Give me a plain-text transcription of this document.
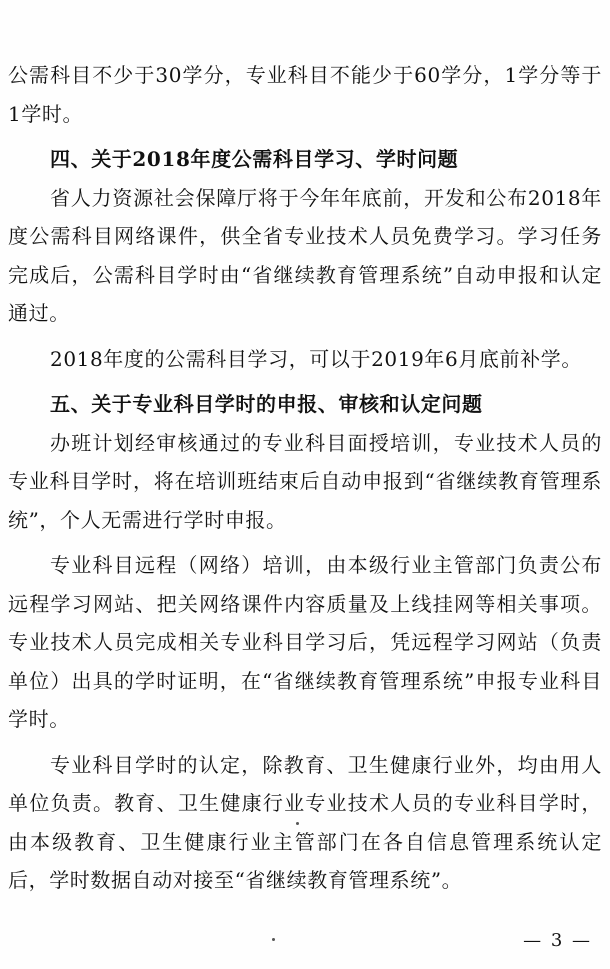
公需科目不少于30学分，专业科目不能少于60学分，1学分等于1学时。

四、关于2018年度公需科目学习、学时问题

省人力资源社会保障厅将于今年年底前，开发和公布2018年度公需科目网络课件，供全省专业技术人员免费学习。学习任务完成后，公需科目学时由“省继续教育管理系统”自动申报和认定通过。

2018年度的公需科目学习，可以于2019年6月底前补学。

五、关于专业科目学时的申报、审核和认定问题

办班计划经审核通过的专业科目面授培训，专业技术人员的专业科目学时，将在培训班结束后自动申报到“省继续教育管理系统”，个人无需进行学时申报。

专业科目远程（网络）培训，由本级行业主管部门负责公布远程学习网站、把关网络课件内容质量及上线挂网等相关事项。专业技术人员完成相关专业科目学习后，凭远程学习网站（负责单位）出具的学时证明，在“省继续教育管理系统”申报专业科目学时。

专业科目学时的认定，除教育、卫生健康行业外，均由用人单位负责。教育、卫生健康行业专业技术人员的专业科目学时，由本级教育、卫生健康行业主管部门在各自信息管理系统认定后，学时数据自动对接至“省继续教育管理系统”。

— 3 —
